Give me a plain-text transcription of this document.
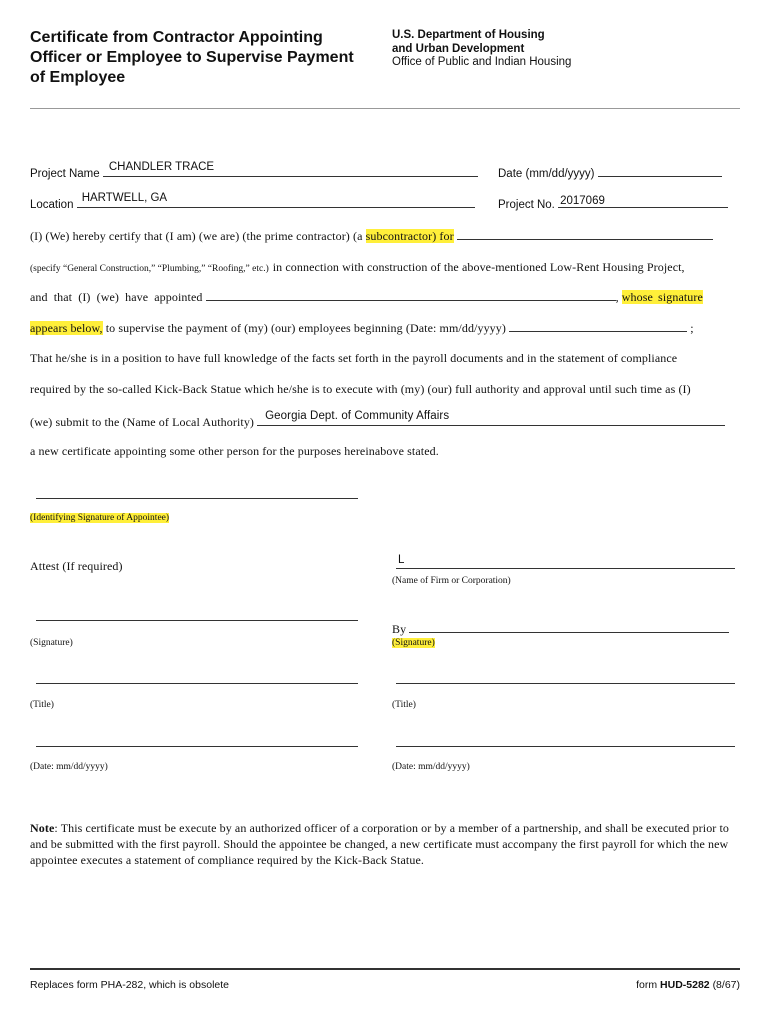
Certificate from Contractor Appointing Officer or Employee to Supervise Payment of Employee
U.S. Department of Housing
and Urban Development
Office of Public and Indian Housing
Project Name
CHANDLER TRACE
Date (mm/dd/yyyy)
Location
HARTWELL, GA
Project No. 2017069
(I) (We) hereby certify that (I am) (we are) (the prime contractor) (a subcontractor) for
(specify “General Construction,” “Plumbing,” “Roofing,” etc.) in connection with construction of the above-mentioned Low-Rent Housing Project,
and that (I) (we) have appointed	, whose signature
appears below, to supervise the payment of (my) (our) employees beginning (Date: mm/dd/yyyy)	;
That he/she is in a position to have full knowledge of the facts set forth in the payroll documents and in the statement of compliance
required by the so-called Kick-Back Statue which he/she is to execute with (my) (our) full authority and approval until such time as (I)
(we) submit to the (Name of Local Authority) Georgia Dept. of Community Affairs
a new certificate appointing some other person for the purposes hereinabove stated.
(Identifying Signature of Appointee)
Attest (If required)	L
(Name of Firm or Corporation)
(Signature)
By
(Signature)
(Title)	(Title)
(Date: mm/dd/yyyy)	(Date: mm/dd/yyyy)
Note: This certificate must be execute by an authorized officer of a corporation or by a member of a partnership, and shall be executed prior to and be submitted with the first payroll. Should the appointee be changed, a new certificate must accompany the first payroll for which the new appointee executes a statement of compliance required by the Kick-Back Statue.
Replaces form PHA-282, which is obsolete	form HUD-5282 (8/67)
